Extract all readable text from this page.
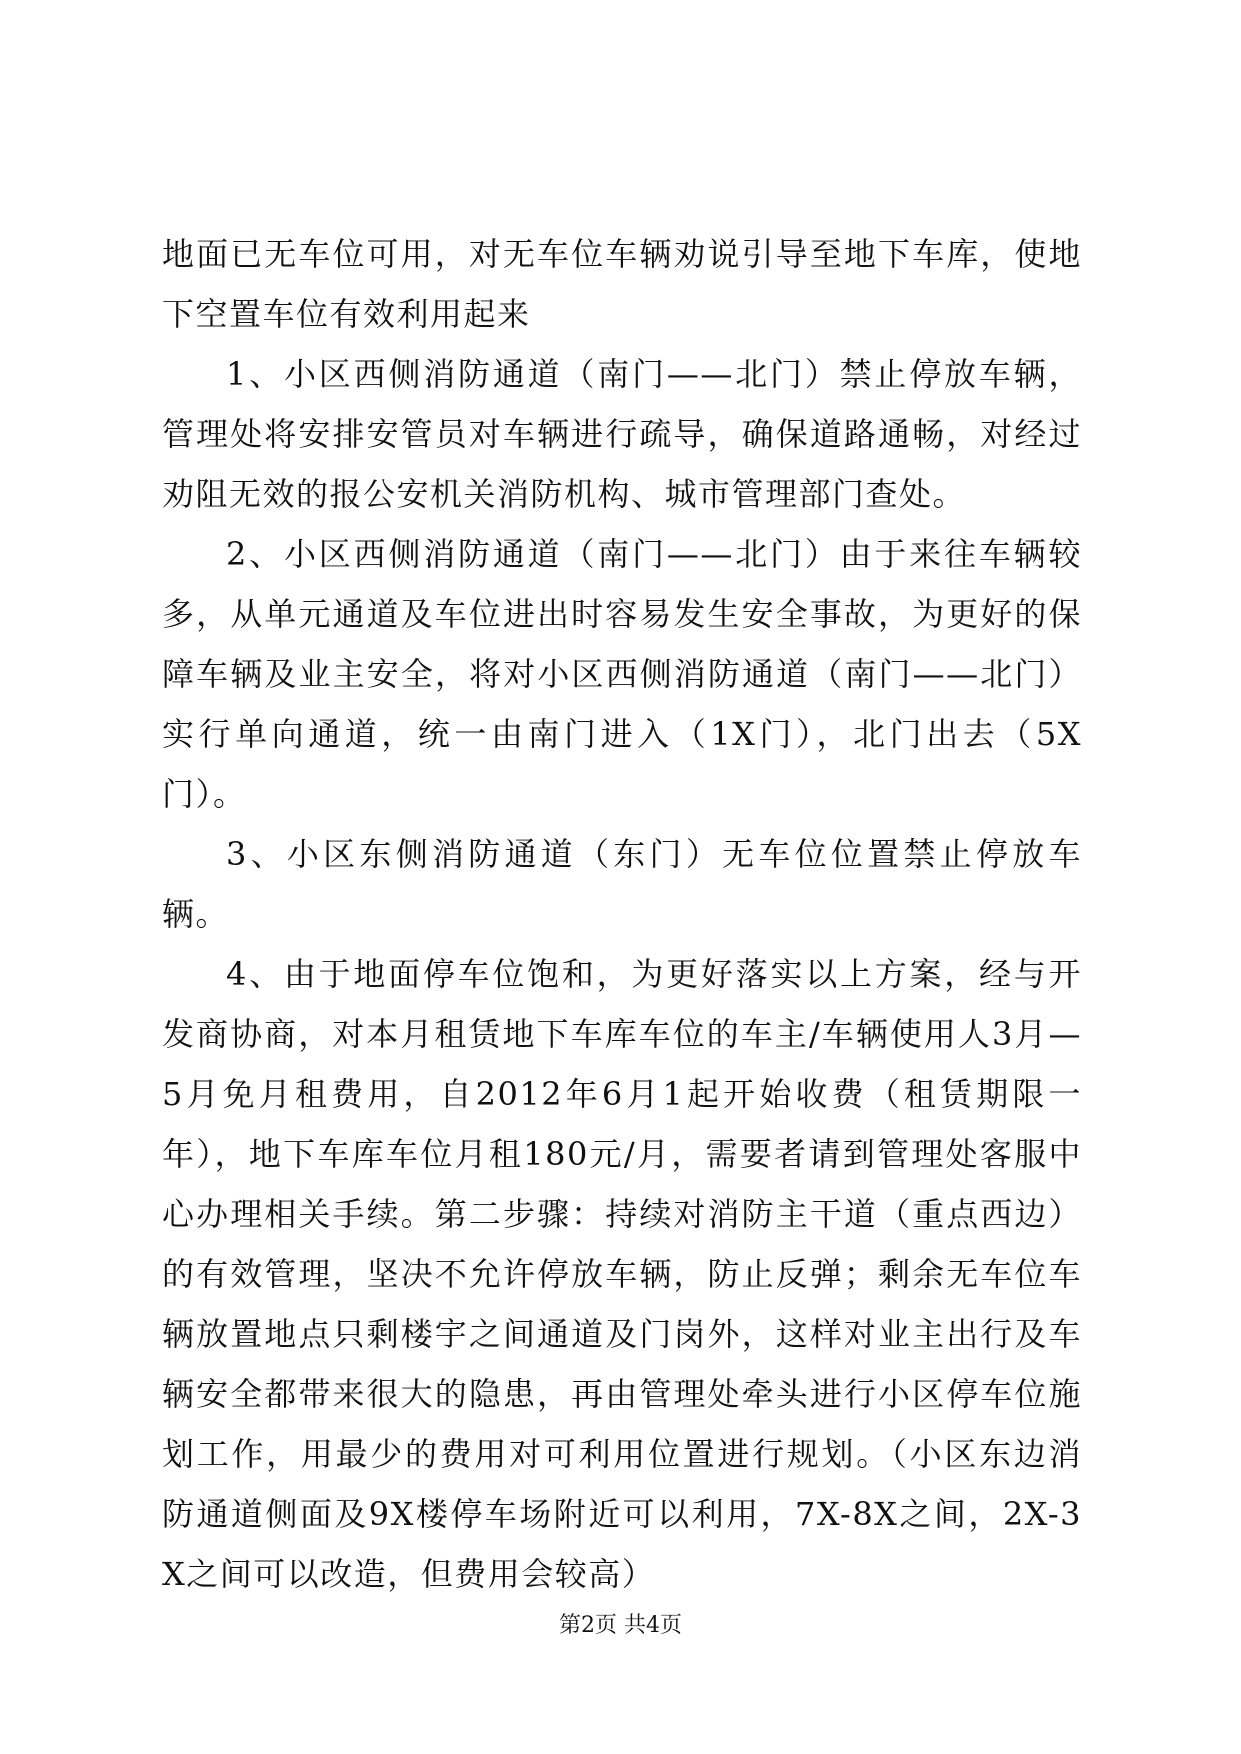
地面已无车位可用，对无车位车辆劝说引导至地下车库，使地下空置车位有效利用起来

1、小区西侧消防通道（南门——北门）禁止停放车辆，管理处将安排安管员对车辆进行疏导，确保道路通畅，对经过劝阻无效的报公安机关消防机构、城市管理部门查处。

2、小区西侧消防通道（南门——北门）由于来往车辆较多，从单元通道及车位进出时容易发生安全事故，为更好的保障车辆及业主安全，将对小区西侧消防通道（南门——北门）实行单向通道，统一由南门进入（1X门），北门出去（5X门）。

3、小区东侧消防通道（东门）无车位位置禁止停放车辆。

4、由于地面停车位饱和，为更好落实以上方案，经与开发商协商，对本月租赁地下车库车位的车主/车辆使用人3月—5月免月租费用，自2012年6月1起开始收费（租赁期限一年），地下车库车位月租180元/月，需要者请到管理处客服中心办理相关手续。第二步骤：持续对消防主干道（重点西边）的有效管理，坚决不允许停放车辆，防止反弹；剩余无车位车辆放置地点只剩楼宇之间通道及门岗外，这样对业主出行及车辆安全都带来很大的隐患，再由管理处牵头进行小区停车位施划工作，用最少的费用对可利用位置进行规划。（小区东边消防通道侧面及9X楼停车场附近可以利用，7X-8X之间，2X-3X之间可以改造，但费用会较高）

第2页 共4页
